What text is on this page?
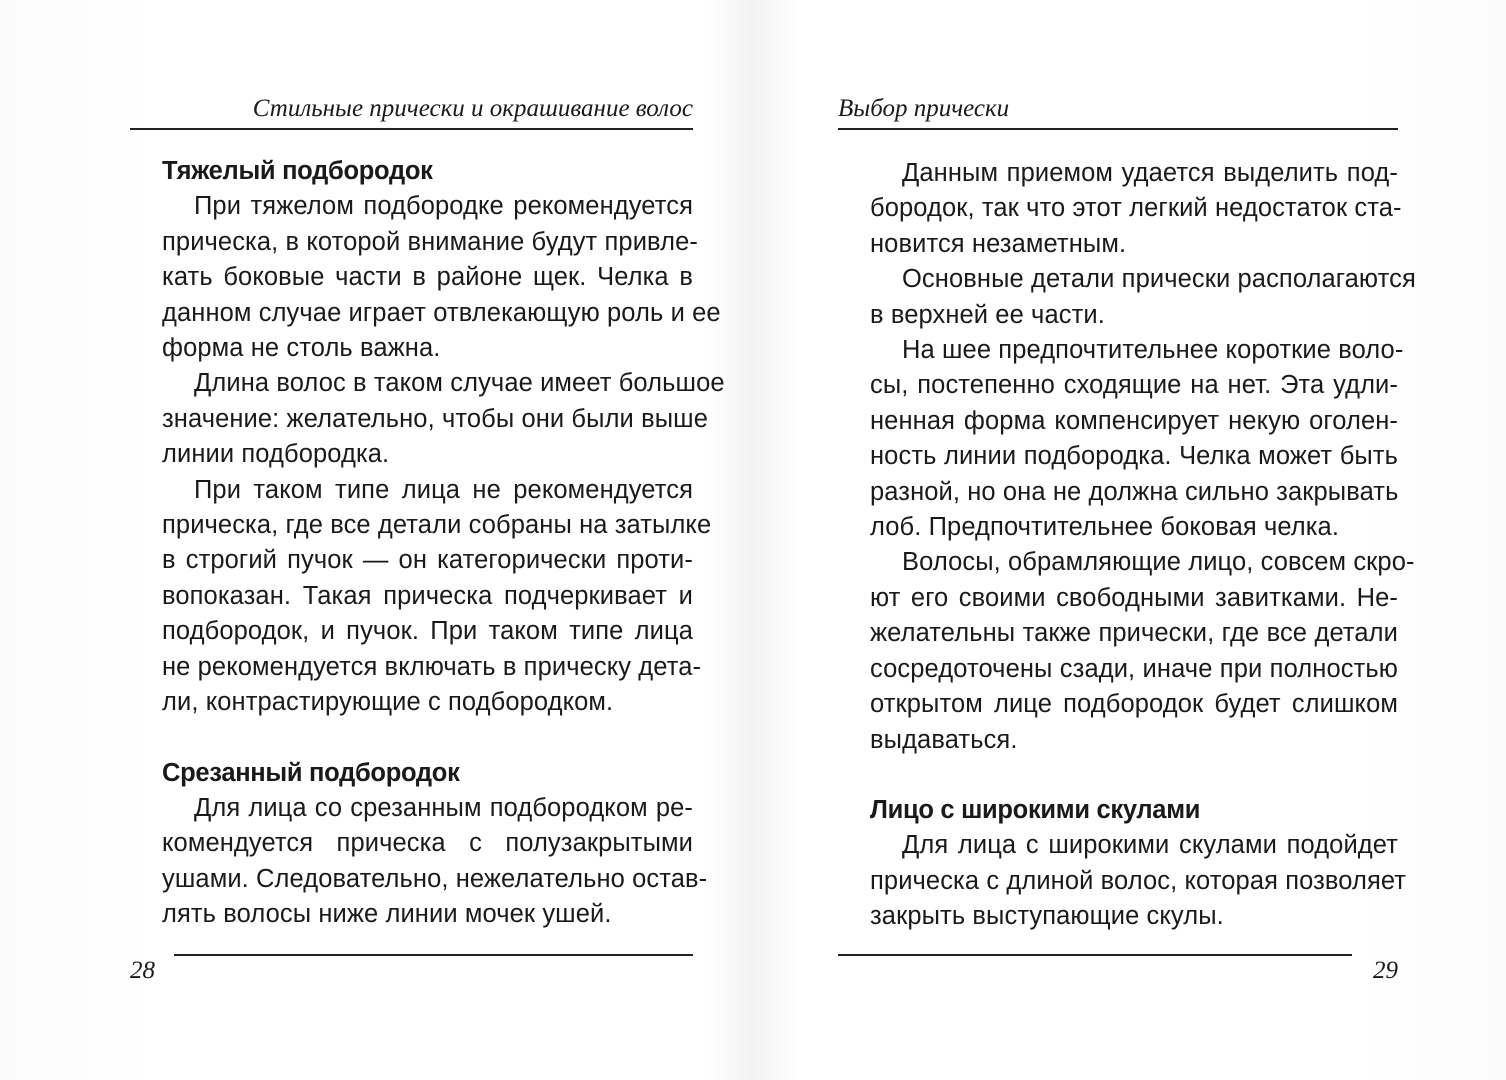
Стильные прически и окрашивание волос
Тяжелый подбородок
При тяжелом подбородке рекомендуется
прическа, в которой внимание будут привле-
кать боковые части в районе щек. Челка в
данном случае играет отвлекающую роль и ее
форма не столь важна.
Длина волос в таком случае имеет большое
значение: желательно, чтобы они были выше
линии подбородка.
При таком типе лица не рекомендуется
прическа, где все детали собраны на затылке
в строгий пучок — он категорически проти-
вопоказан. Такая прическа подчеркивает и
подбородок, и пучок. При таком типе лица
не рекомендуется включать в прическу дета-
ли, контрастирующие с подбородком.
Срезанный подбородок
Для лица со срезанным подбородком ре-
комендуется прическа с полузакрытыми
ушами. Следовательно, нежелательно остав-
лять волосы ниже линии мочек ушей.
28
Выбор прически
Данным приемом удается выделить под-
бородок, так что этот легкий недостаток ста-
новится незаметным.
Основные детали прически располагаются
в верхней ее части.
На шее предпочтительнее короткие воло-
сы, постепенно сходящие на нет. Эта удли-
ненная форма компенсирует некую оголен-
ность линии подбородка. Челка может быть
разной, но она не должна сильно закрывать
лоб. Предпочтительнее боковая челка.
Волосы, обрамляющие лицо, совсем скро-
ют его своими свободными завитками. Не-
желательны также прически, где все детали
сосредоточены сзади, иначе при полностью
открытом лице подбородок будет слишком
выдаваться.
Лицо с широкими скулами
Для лица с широкими скулами подойдет
прическа с длиной волос, которая позволяет
закрыть выступающие скулы.
29
